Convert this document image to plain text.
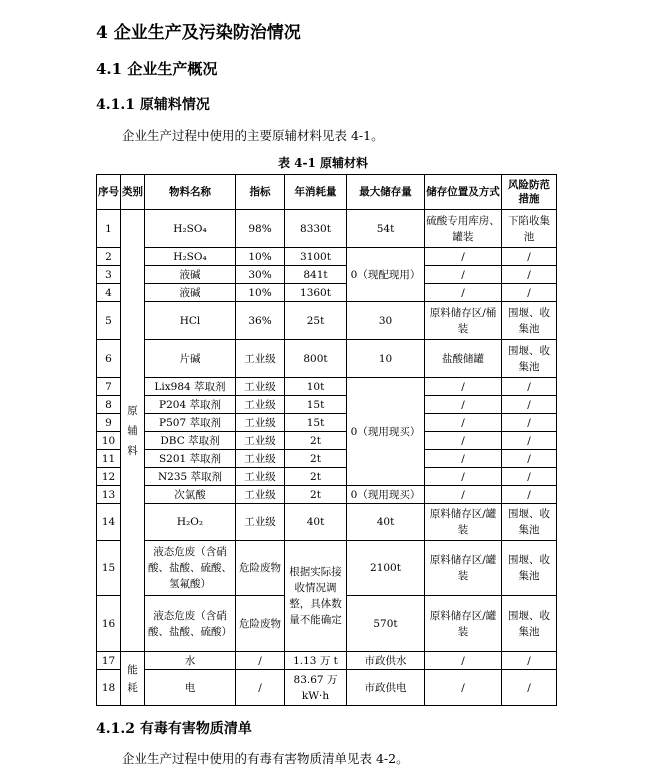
4 企业生产及污染防治情况
4.1 企业生产概况
4.1.1 原辅料情况
企业生产过程中使用的主要原辅材料见表 4-1。
表 4-1 原辅材料
序号	类别	物料名称	指标	年消耗量	最大储存量	储存位置及方式	风险防范措施
1	原辅料	H₂SO₄	98%	8330t	54t	硫酸专用库房、罐装	下陷收集池
2		H₂SO₄	10%	3100t	0（现配现用）	/	/
3		液碱	30%	841t		/	/
4		液碱	10%	1360t		/	/
5		HCl	36%	25t	30	原料储存区/桶装	围堰、收集池
6		片碱	工业级	800t	10	盐酸储罐	围堰、收集池
7		Lix984 萃取剂	工业级	10t	0（现用现买）	/	/
8		P204 萃取剂	工业级	15t		/	/
9		P507 萃取剂	工业级	15t		/	/
10		DBC 萃取剂	工业级	2t		/	/
11		S201 萃取剂	工业级	2t		/	/
12		N235 萃取剂	工业级	2t		/	/
13		次氯酸	工业级	2t	0（现用现买）	/	/
14		H₂O₂	工业级	40t	40t	原料储存区/罐装	围堰、收集池
15		液态危废（含硝酸、盐酸、硫酸、氢氟酸）	危险废物	根据实际接收情况调整，具体数量不能确定	2100t	原料储存区/罐装	围堰、收集池
16		液态危废（含硝酸、盐酸、硫酸）	危险废物		570t	原料储存区/罐装	围堰、收集池
17	能耗	水	/	1.13 万 t	市政供水	/	/
18		电	/	83.67 万 kW·h	市政供电	/	/
4.1.2 有毒有害物质清单
企业生产过程中使用的有毒有害物质清单见表 4-2。
